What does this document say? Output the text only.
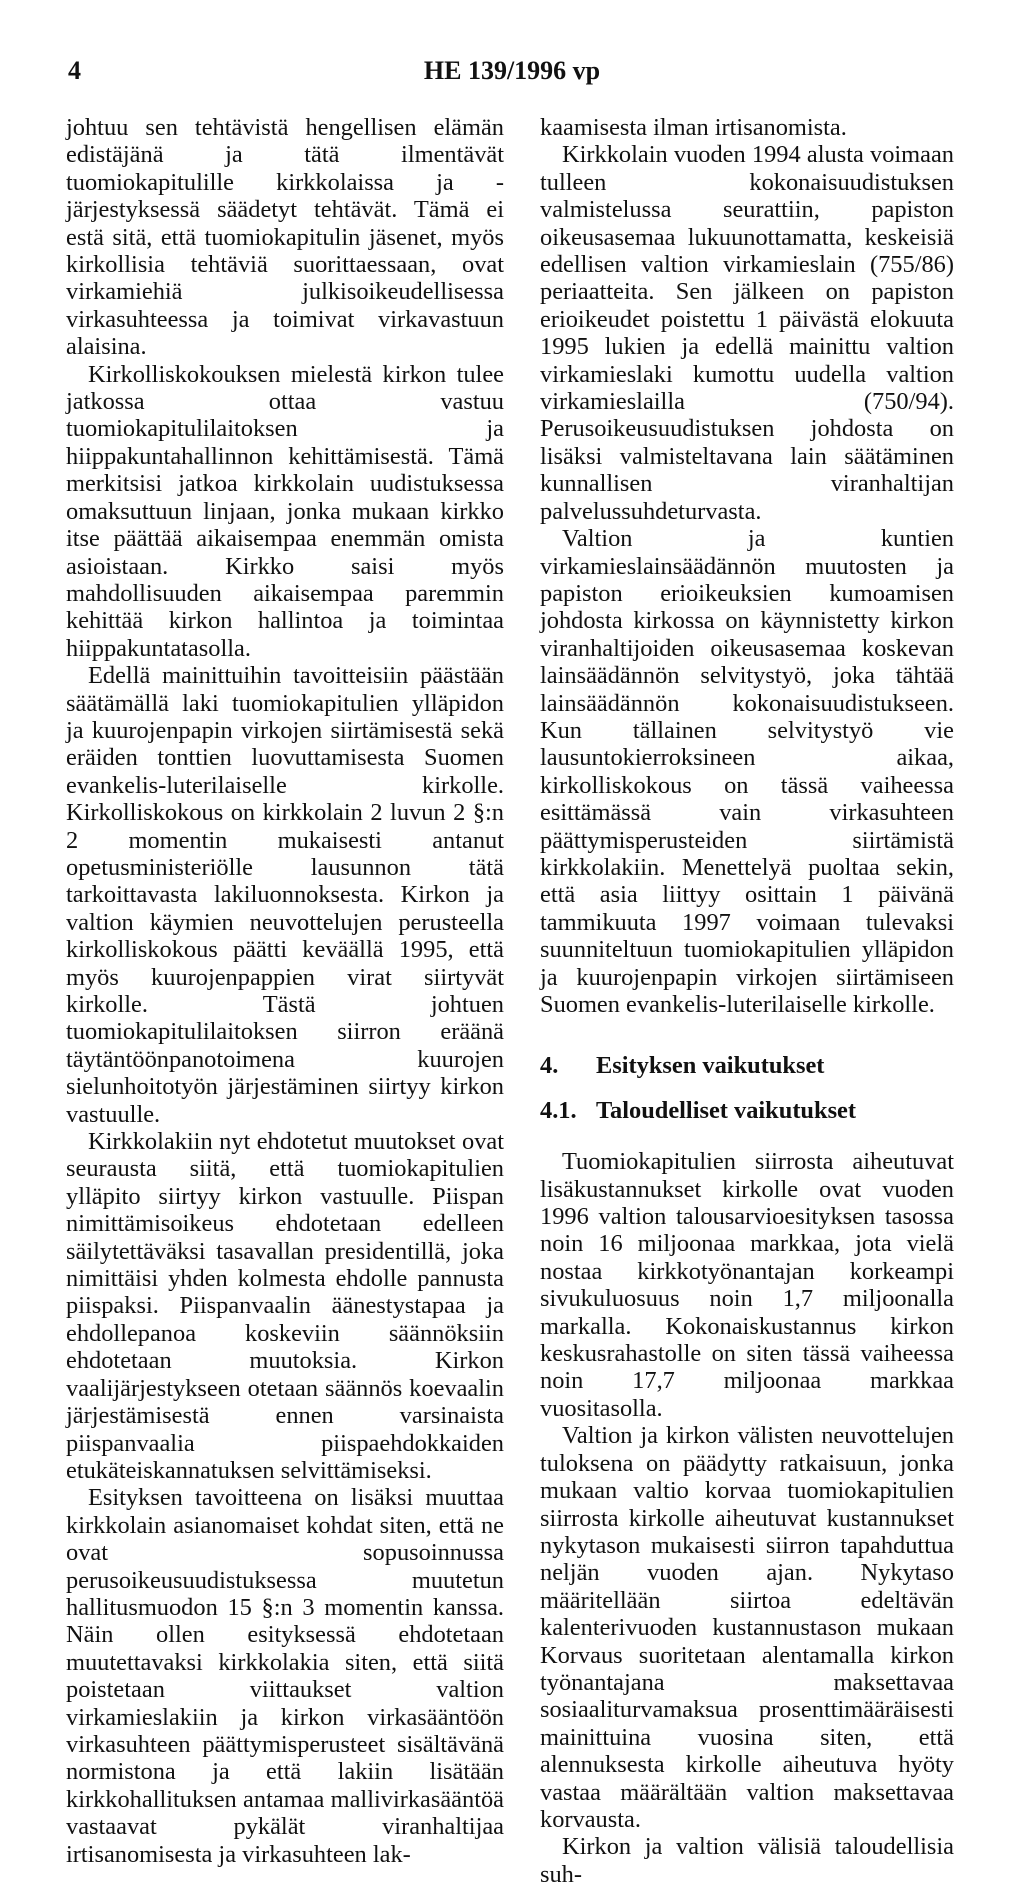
4	HE 139/1996 vp

johtuu sen tehtävistä hengellisen elämän edistäjänä ja tätä ilmentävät tuomiokapitulille kirkkolaissa ja -järjestyksessä säädetyt tehtävät. Tämä ei estä sitä, että tuomiokapitulin jäsenet, myös kirkollisia tehtäviä suorittaessaan, ovat virkamiehiä julkisoikeudellisessa virkasuhteessa ja toimivat virkavastuun alaisina.

Kirkolliskokouksen mielestä kirkon tulee jatkossa ottaa vastuu tuomiokapitulilaitoksen ja hiippakuntahallinnon kehittämisestä. Tämä merkitsisi jatkoa kirkkolain uudistuksessa omaksuttuun linjaan, jonka mukaan kirkko itse päättää aikaisempaa enemmän omista asioistaan. Kirkko saisi myös mahdollisuuden aikaisempaa paremmin kehittää kirkon hallintoa ja toimintaa hiippakuntatasolla.

Edellä mainittuihin tavoitteisiin päästään säätämällä laki tuomiokapitulien ylläpidon ja kuurojenpapin virkojen siirtämisestä sekä eräiden tonttien luovuttamisesta Suomen evankelis-luterilaiselle kirkolle. Kirkolliskokous on kirkkolain 2 luvun 2 §:n 2 momentin mukaisesti antanut opetusministeriölle lausunnon tätä tarkoittavasta lakiluonnoksesta. Kirkon ja valtion käymien neuvottelujen perusteella kirkolliskokous päätti keväällä 1995, että myös kuurojenpappien virat siirtyvät kirkolle. Tästä johtuen tuomiokapitulilaitoksen siirron eräänä täytäntöönpanotoimena kuurojen sielunhoitotyön järjestäminen siirtyy kirkon vastuulle.

Kirkkolakiin nyt ehdotetut muutokset ovat seurausta siitä, että tuomiokapitulien ylläpito siirtyy kirkon vastuulle. Piispan nimittämisoikeus ehdotetaan edelleen säilytettäväksi tasavallan presidentillä, joka nimittäisi yhden kolmesta ehdolle pannusta piispaksi. Piispanvaalin äänestystapaa ja ehdollepanoa koskeviin säännöksiin ehdotetaan muutoksia. Kirkon vaalijärjestykseen otetaan säännös koevaalin järjestämisestä ennen varsinaista piispanvaalia piispaehdokkaiden etukäteiskannatuksen selvittämiseksi.

Esityksen tavoitteena on lisäksi muuttaa kirkkolain asianomaiset kohdat siten, että ne ovat sopusoinnussa perusoikeusuudistuksessa muutetun hallitusmuodon 15 §:n 3 momentin kanssa. Näin ollen esityksessä ehdotetaan muutettavaksi kirkkolakia siten, että siitä poistetaan viittaukset valtion virkamieslakiin ja kirkon virkasääntöön virkasuhteen päättymisperusteet sisältävänä normistona ja että lakiin lisätään kirkkohallituksen antamaa mallivirkasääntöä vastaavat pykälät viranhaltijaa irtisanomisesta ja virkasuhteen lak-

kaamisesta ilman irtisanomista.

Kirkkolain vuoden 1994 alusta voimaan tulleen kokonaisuudistuksen valmistelussa seurattiin, papiston oikeusasemaa lukuunottamatta, keskeisiä edellisen valtion virkamieslain (755/86) periaatteita. Sen jälkeen on papiston erioikeudet poistettu 1 päivästä elokuuta 1995 lukien ja edellä mainittu valtion virkamieslaki kumottu uudella valtion virkamieslailla (750/94). Perusoikeusuudistuksen johdosta on lisäksi valmisteltavana lain säätäminen kunnallisen viranhaltijan palvelussuhdeturvasta.

Valtion ja kuntien virkamieslainsäädännön muutosten ja papiston erioikeuksien kumoamisen johdosta kirkossa on käynnistetty kirkon viranhaltijoiden oikeusasemaa koskevan lainsäädännön selvitystyö, joka tähtää lainsäädännön kokonaisuudistukseen. Kun tällainen selvitystyö vie lausuntokierroksineen aikaa, kirkolliskokous on tässä vaiheessa esittämässä vain virkasuhteen päättymisperusteiden siirtämistä kirkkolakiin. Menettelyä puoltaa sekin, että asia liittyy osittain 1 päivänä tammikuuta 1997 voimaan tulevaksi suunniteltuun tuomiokapitulien ylläpidon ja kuurojenpapin virkojen siirtämiseen Suomen evankelis-luterilaiselle kirkolle.

4.	Esityksen vaikutukset
4.1. Taloudelliset vaikutukset

Tuomiokapitulien siirrosta aiheutuvat lisäkustannukset kirkolle ovat vuoden 1996 valtion talousarvioesityksen tasossa noin 16 miljoonaa markkaa, jota vielä nostaa kirkkotyönantajan korkeampi sivukuluosuus noin 1,7 miljoonalla markalla. Kokonaiskustannus kirkon keskusrahastolle on siten tässä vaiheessa noin 17,7 miljoonaa markkaa vuositasolla.

Valtion ja kirkon välisten neuvottelujen tuloksena on päädytty ratkaisuun, jonka mukaan valtio korvaa tuomiokapitulien siirrosta kirkolle aiheutuvat kustannukset nykytason mukaisesti siirron tapahduttua neljän vuoden ajan. Nykytaso määritellään siirtoa edeltävän kalenterivuoden kustannustason mukaan Korvaus suoritetaan alentamalla kirkon työnantajana maksettavaa sosiaaliturvamaksua prosenttimääräisesti mainittuina vuosina siten, että alennuksesta kirkolle aiheutuva hyöty vastaa määrältään valtion maksettavaa korvausta.

Kirkon ja valtion välisiä taloudellisia suh-
